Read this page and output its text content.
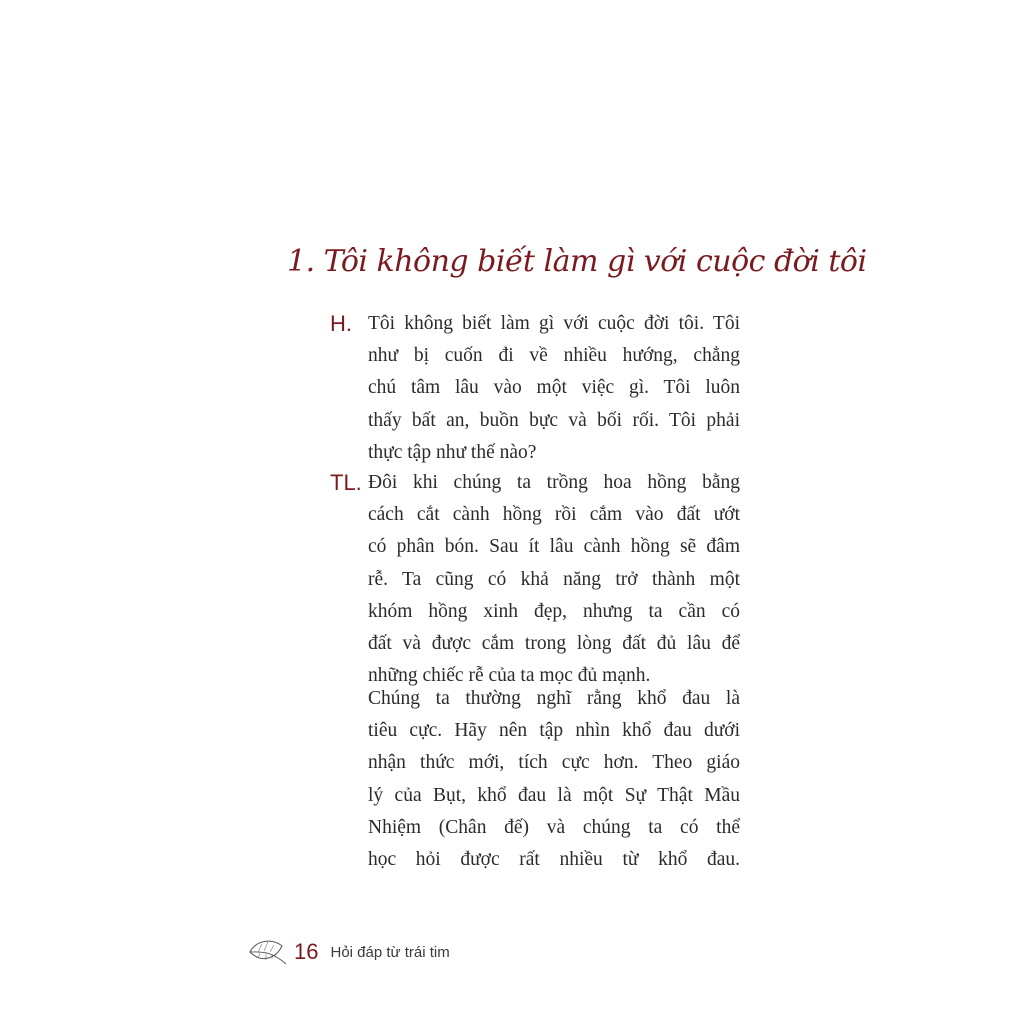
1. Tôi không biết làm gì với cuộc đời tôi
H. Tôi không biết làm gì với cuộc đời tôi. Tôi
như bị cuốn đi về nhiều hướng, chẳng
chú tâm lâu vào một việc gì. Tôi luôn
thấy bất an, buồn bực và bối rối. Tôi phải
thực tập như thế nào?

TL. Đôi khi chúng ta trồng hoa hồng bằng
cách cắt cành hồng rồi cắm vào đất ướt
có phân bón. Sau ít lâu cành hồng sẽ đâm
rễ. Ta cũng có khả năng trở thành một
khóm hồng xinh đẹp, nhưng ta cần có
đất và được cắm trong lòng đất đủ lâu để
những chiếc rễ của ta mọc đủ mạnh.

Chúng ta thường nghĩ rằng khổ đau là
tiêu cực. Hãy nên tập nhìn khổ đau dưới
nhận thức mới, tích cực hơn. Theo giáo
lý của Bụt, khổ đau là một Sự Thật Mầu
Nhiệm (Chân đế) và chúng ta có thể
học hỏi được rất nhiều từ khổ đau.

16 Hỏi đáp từ trái tim
